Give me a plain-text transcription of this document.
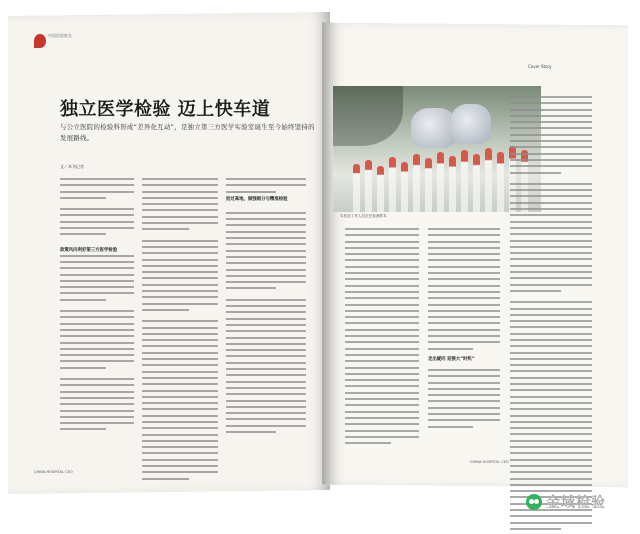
中国医院院长
独立医学检验 迈上快车道
与公立医院的检验科形成“差异化互动”，是独立第三方医学实验室诞生至今始终坚持的发展路线。
文／本刊记者
政策风向利好第三方医学检验
抢过高地，做强细分与精准检验
CHINA HOSPITAL CEO
Cover Story
实验室工作人员正在检测样本
走出疑问 迎接大“时机”
CHINA HOSPITAL CEO
金域检验
